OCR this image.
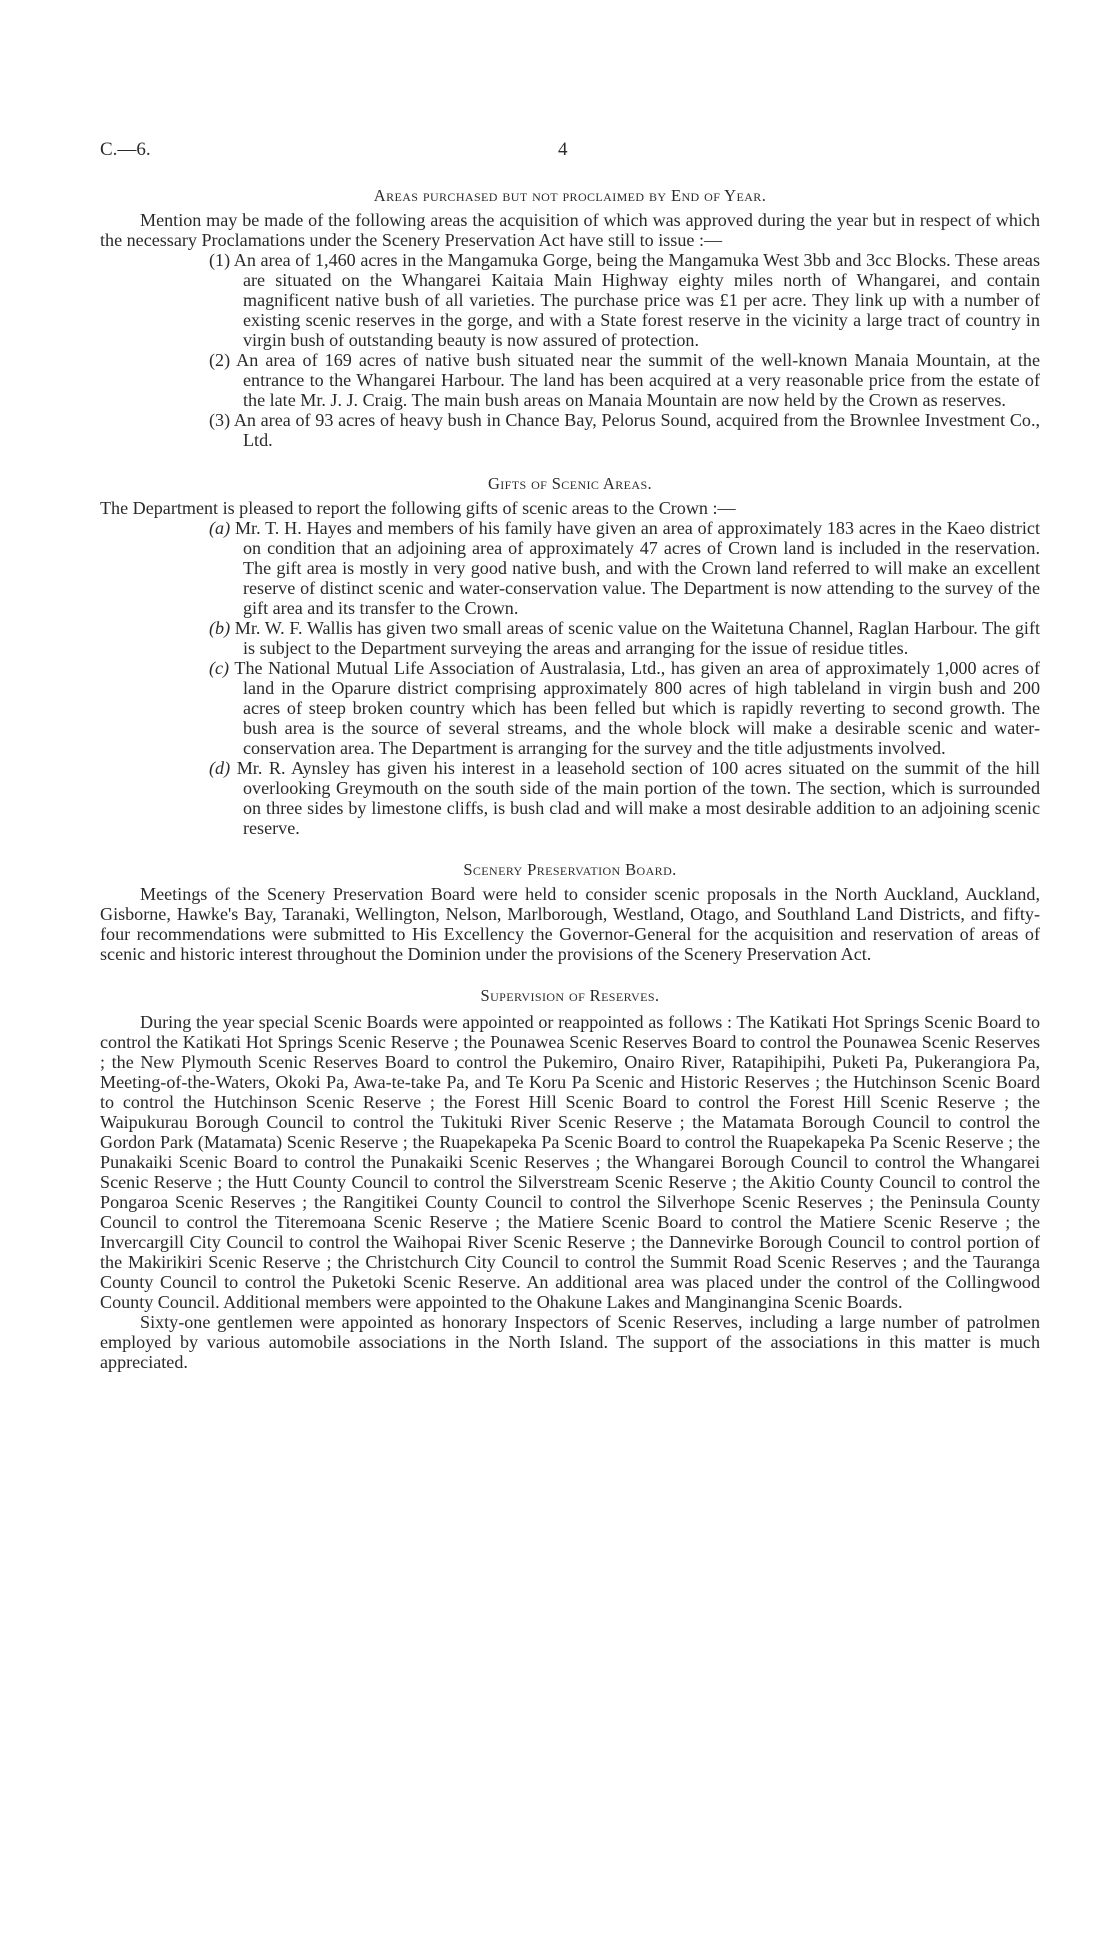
C.—6.	4

Areas purchased but not proclaimed by End of Year.

Mention may be made of the following areas the acquisition of which was approved during the year but in respect of which the necessary Proclamations under the Scenery Preservation Act have still to issue :—

(1) An area of 1,460 acres in the Mangamuka Gorge, being the Mangamuka West 3bb and 3cc Blocks. These areas are situated on the Whangarei Kaitaia Main Highway eighty miles north of Whangarei, and contain magnificent native bush of all varieties. The purchase price was £1 per acre. They link up with a number of existing scenic reserves in the gorge, and with a State forest reserve in the vicinity a large tract of country in virgin bush of outstanding beauty is now assured of protection.

(2) An area of 169 acres of native bush situated near the summit of the well-known Manaia Mountain, at the entrance to the Whangarei Harbour. The land has been acquired at a very reasonable price from the estate of the late Mr. J. J. Craig. The main bush areas on Manaia Mountain are now held by the Crown as reserves.

(3) An area of 93 acres of heavy bush in Chance Bay, Pelorus Sound, acquired from the Brownlee Investment Co., Ltd.

Gifts of Scenic Areas.

The Department is pleased to report the following gifts of scenic areas to the Crown :—

(a) Mr. T. H. Hayes and members of his family have given an area of approximately 183 acres in the Kaeo district on condition that an adjoining area of approximately 47 acres of Crown land is included in the reservation. The gift area is mostly in very good native bush, and with the Crown land referred to will make an excellent reserve of distinct scenic and water-conservation value. The Department is now attending to the survey of the gift area and its transfer to the Crown.

(b) Mr. W. F. Wallis has given two small areas of scenic value on the Waitetuna Channel, Raglan Harbour. The gift is subject to the Department surveying the areas and arranging for the issue of residue titles.

(c) The National Mutual Life Association of Australasia, Ltd., has given an area of approximately 1,000 acres of land in the Oparure district comprising approximately 800 acres of high tableland in virgin bush and 200 acres of steep broken country which has been felled but which is rapidly reverting to second growth. The bush area is the source of several streams, and the whole block will make a desirable scenic and water-conservation area. The Department is arranging for the survey and the title adjustments involved.

(d) Mr. R. Aynsley has given his interest in a leasehold section of 100 acres situated on the summit of the hill overlooking Greymouth on the south side of the main portion of the town. The section, which is surrounded on three sides by limestone cliffs, is bush clad and will make a most desirable addition to an adjoining scenic reserve.

Scenery Preservation Board.

Meetings of the Scenery Preservation Board were held to consider scenic proposals in the North Auckland, Auckland, Gisborne, Hawke's Bay, Taranaki, Wellington, Nelson, Marlborough, Westland, Otago, and Southland Land Districts, and fifty-four recommendations were submitted to His Excellency the Governor-General for the acquisition and reservation of areas of scenic and historic interest throughout the Dominion under the provisions of the Scenery Preservation Act.

Supervision of Reserves.

During the year special Scenic Boards were appointed or reappointed as follows : The Katikati Hot Springs Scenic Board to control the Katikati Hot Springs Scenic Reserve ; the Pounawea Scenic Reserves Board to control the Pounawea Scenic Reserves ; the New Plymouth Scenic Reserves Board to control the Pukemiro, Onairo River, Ratapihipihi, Puketi Pa, Pukerangiora Pa, Meeting-of-the-Waters, Okoki Pa, Awa-te-take Pa, and Te Koru Pa Scenic and Historic Reserves ; the Hutchinson Scenic Board to control the Hutchinson Scenic Reserve ; the Forest Hill Scenic Board to control the Forest Hill Scenic Reserve ; the Waipukurau Borough Council to control the Tukituki River Scenic Reserve ; the Matamata Borough Council to control the Gordon Park (Matamata) Scenic Reserve ; the Ruapekapeka Pa Scenic Board to control the Ruapekapeka Pa Scenic Reserve ; the Punakaiki Scenic Board to control the Punakaiki Scenic Reserves ; the Whangarei Borough Council to control the Whangarei Scenic Reserve ; the Hutt County Council to control the Silverstream Scenic Reserve ; the Akitio County Council to control the Pongaroa Scenic Reserves ; the Rangitikei County Council to control the Silverhope Scenic Reserves ; the Peninsula County Council to control the Titeremoana Scenic Reserve ; the Matiere Scenic Board to control the Matiere Scenic Reserve ; the Invercargill City Council to control the Waihopai River Scenic Reserve ; the Dannevirke Borough Council to control portion of the Makirikiri Scenic Reserve ; the Christchurch City Council to control the Summit Road Scenic Reserves ; and the Tauranga County Council to control the Puketoki Scenic Reserve. An additional area was placed under the control of the Collingwood County Council. Additional members were appointed to the Ohakune Lakes and Manginangina Scenic Boards.

Sixty-one gentlemen were appointed as honorary Inspectors of Scenic Reserves, including a large number of patrolmen employed by various automobile associations in the North Island. The support of the associations in this matter is much appreciated.
